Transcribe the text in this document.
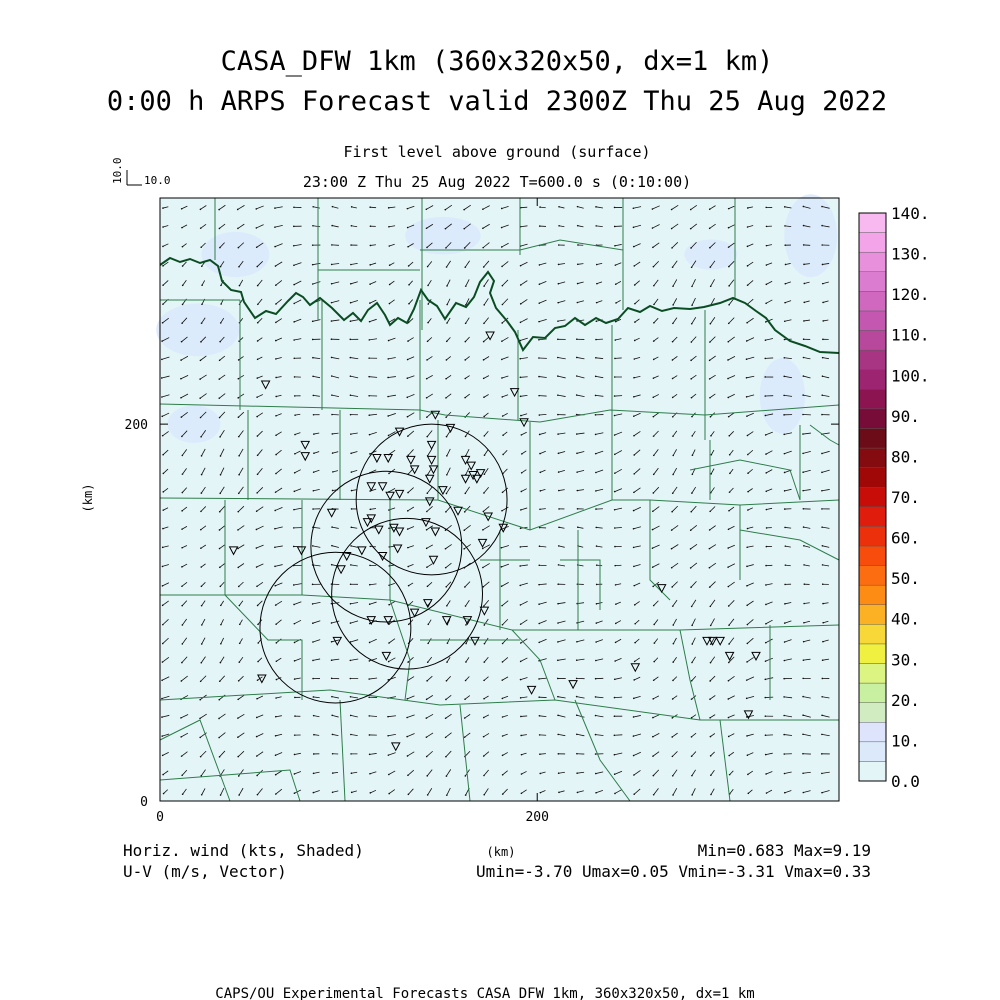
CASA_DFW 1km (360x320x50, dx=1 km)
0:00 h ARPS Forecast valid 2300Z Thu 25 Aug 2022
First level above ground (surface)
23:00 Z Thu 25 Aug 2022 T=600.0 s (0:10:00)
10.0 10.0
0	200
0
200
(km)
(km)
0.0
10.
20.
30.
40.
50.
60.
70.
80.
90.
100.
110.
120.
130.
140.
Horiz. wind (kts, Shaded)
U-V (m/s, Vector)
Min=0.683 Max=9.19
Umin=-3.70 Umax=0.05 Vmin=-3.31 Vmax=0.33
CAPS/OU Experimental Forecasts CASA DFW 1km, 360x320x50, dx=1 km
